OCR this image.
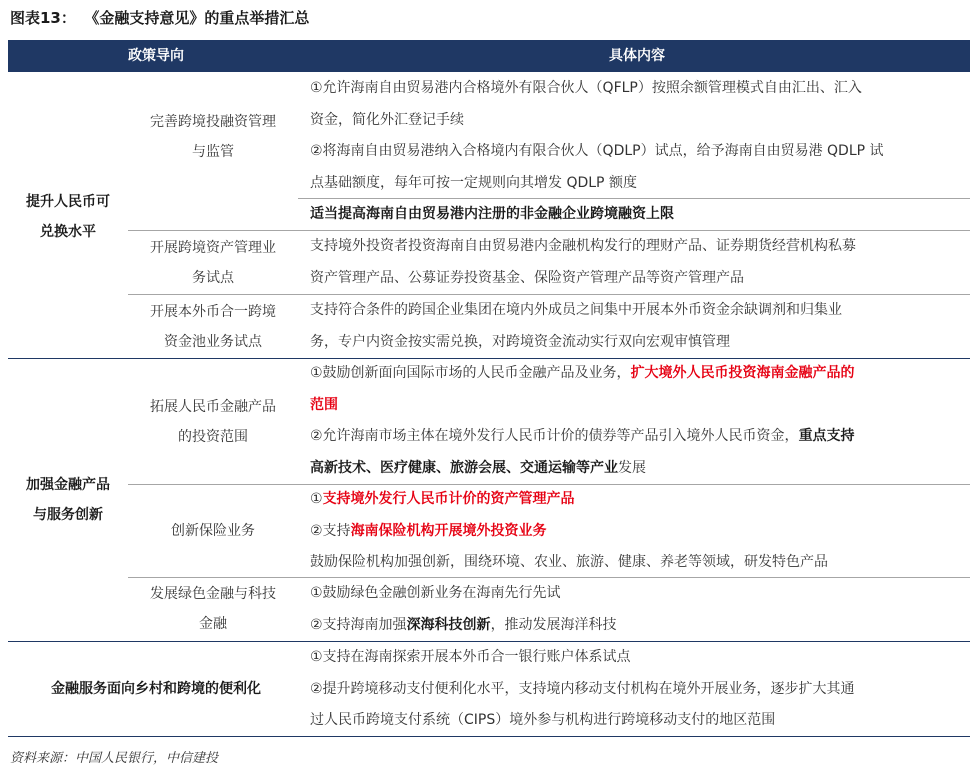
图表13： 《金融支持意见》的重点举措汇总
政策导向	具体内容
提升人民币可
兑换水平
完善跨境投融资管理
与监管
①允许海南自由贸易港内合格境外有限合伙人（QFLP）按照余额管理模式自由汇出、汇入
资金，简化外汇登记手续
②将海南自由贸易港纳入合格境内有限合伙人（QDLP）试点，给予海南自由贸易港 QDLP 试
点基础额度，每年可按一定规则向其增发 QDLP 额度
适当提高海南自由贸易港内注册的非金融企业跨境融资上限
开展跨境资产管理业
务试点
支持境外投资者投资海南自由贸易港内金融机构发行的理财产品、证券期货经营机构私募
资产管理产品、公募证券投资基金、保险资产管理产品等资产管理产品
开展本外币合一跨境
资金池业务试点
支持符合条件的跨国企业集团在境内外成员之间集中开展本外币资金余缺调剂和归集业
务，专户内资金按实需兑换，对跨境资金流动实行双向宏观审慎管理
加强金融产品
与服务创新
拓展人民币金融产品
的投资范围
①鼓励创新面向国际市场的人民币金融产品及业务，扩大境外人民币投资海南金融产品的
范围
②允许海南市场主体在境外发行人民币计价的债券等产品引入境外人民币资金，重点支持
高新技术、医疗健康、旅游会展、交通运输等产业发展
创新保险业务
①支持境外发行人民币计价的资产管理产品
②支持海南保险机构开展境外投资业务
鼓励保险机构加强创新，围绕环境、农业、旅游、健康、养老等领域，研发特色产品
发展绿色金融与科技
金融
①鼓励绿色金融创新业务在海南先行先试
②支持海南加强深海科技创新，推动发展海洋科技
金融服务面向乡村和跨境的便利化
①支持在海南探索开展本外币合一银行账户体系试点
②提升跨境移动支付便利化水平，支持境内移动支付机构在境外开展业务，逐步扩大其通
过人民币跨境支付系统（CIPS）境外参与机构进行跨境移动支付的地区范围
资料来源：中国人民银行，中信建投
